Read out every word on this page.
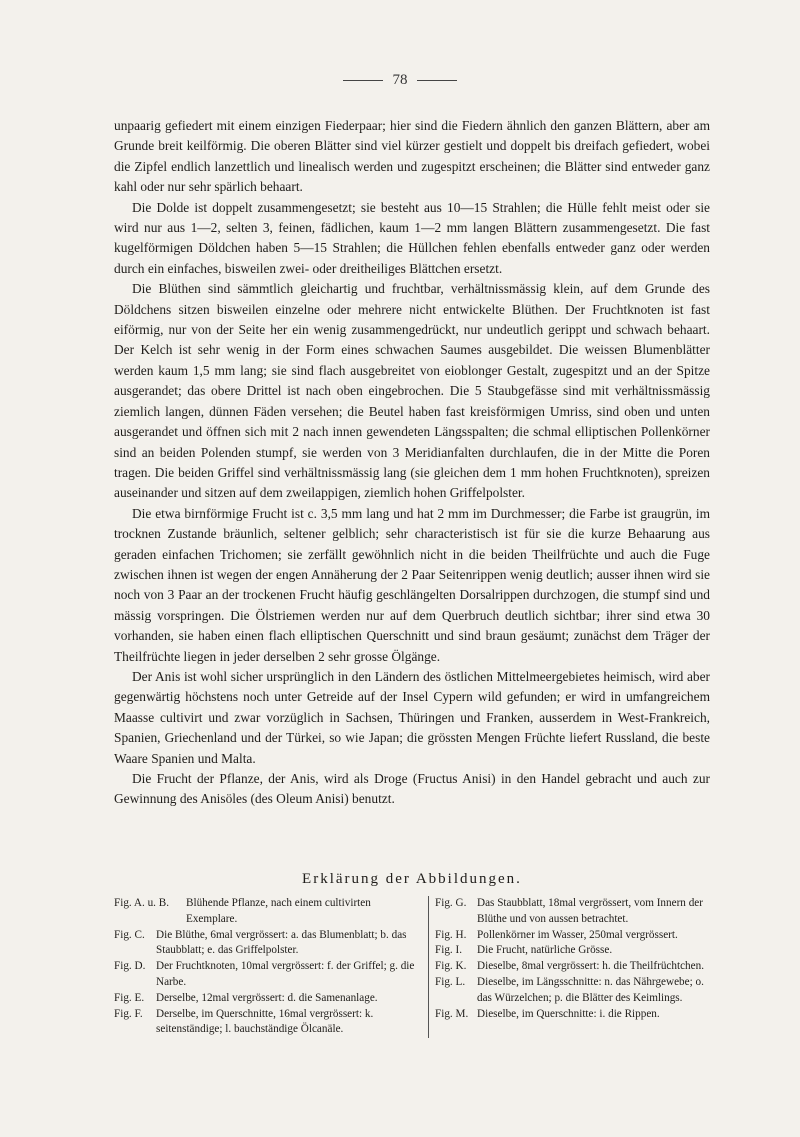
78

unpaarig gefiedert mit einem einzigen Fiederpaar; hier sind die Fiedern ähnlich den ganzen Blättern, aber am Grunde breit keilförmig. Die oberen Blätter sind viel kürzer gestielt und doppelt bis dreifach gefiedert, wobei die Zipfel endlich lanzettlich und linealisch werden und zugespitzt erscheinen; die Blätter sind entweder ganz kahl oder nur sehr spärlich behaart.

Die Dolde ist doppelt zusammengesetzt; sie besteht aus 10—15 Strahlen; die Hülle fehlt meist oder sie wird nur aus 1—2, selten 3, feinen, fädlichen, kaum 1—2 mm langen Blättern zusammengesetzt. Die fast kugelförmigen Döldchen haben 5—15 Strahlen; die Hüllchen fehlen ebenfalls entweder ganz oder werden durch ein einfaches, bisweilen zwei- oder dreitheiliges Blättchen ersetzt.

Die Blüthen sind sämmtlich gleichartig und fruchtbar, verhältnissmässig klein, auf dem Grunde des Döldchens sitzen bisweilen einzelne oder mehrere nicht entwickelte Blüthen. Der Fruchtknoten ist fast eiförmig, nur von der Seite her ein wenig zusammengedrückt, nur undeutlich gerippt und schwach behaart. Der Kelch ist sehr wenig in der Form eines schwachen Saumes ausgebildet. Die weissen Blumenblätter werden kaum 1,5 mm lang; sie sind flach ausgebreitet von eioblonger Gestalt, zugespitzt und an der Spitze ausgerandet; das obere Drittel ist nach oben eingebrochen. Die 5 Staubgefässe sind mit verhältnissmässig ziemlich langen, dünnen Fäden versehen; die Beutel haben fast kreisförmigen Umriss, sind oben und unten ausgerandet und öffnen sich mit 2 nach innen gewendeten Längsspalten; die schmal elliptischen Pollenkörner sind an beiden Polenden stumpf, sie werden von 3 Meridianfalten durchlaufen, die in der Mitte die Poren tragen. Die beiden Griffel sind verhältnissmässig lang (sie gleichen dem 1 mm hohen Fruchtknoten), spreizen auseinander und sitzen auf dem zweilappigen, ziemlich hohen Griffelpolster.

Die etwa birnförmige Frucht ist c. 3,5 mm lang und hat 2 mm im Durchmesser; die Farbe ist graugrün, im trocknen Zustande bräunlich, seltener gelblich; sehr characteristisch ist für sie die kurze Behaarung aus geraden einfachen Trichomen; sie zerfällt gewöhnlich nicht in die beiden Theilfrüchte und auch die Fuge zwischen ihnen ist wegen der engen Annäherung der 2 Paar Seitenrippen wenig deutlich; ausser ihnen wird sie noch von 3 Paar an der trockenen Frucht häufig geschlängelten Dorsalrippen durchzogen, die stumpf sind und mässig vorspringen. Die Ölstriemen werden nur auf dem Querbruch deutlich sichtbar; ihrer sind etwa 30 vorhanden, sie haben einen flach elliptischen Querschnitt und sind braun gesäumt; zunächst dem Träger der Theilfrüchte liegen in jeder derselben 2 sehr grosse Ölgänge.

Der Anis ist wohl sicher ursprünglich in den Ländern des östlichen Mittelmeergebietes heimisch, wird aber gegenwärtig höchstens noch unter Getreide auf der Insel Cypern wild gefunden; er wird in umfangreichem Maasse cultivirt und zwar vorzüglich in Sachsen, Thüringen und Franken, ausserdem in West-Frankreich, Spanien, Griechenland und der Türkei, so wie Japan; die grössten Mengen Früchte liefert Russland, die beste Waare Spanien und Malta.

Die Frucht der Pflanze, der Anis, wird als Droge (Fructus Anisi) in den Handel gebracht und auch zur Gewinnung des Anisöles (des Oleum Anisi) benutzt.

Erklärung der Abbildungen.
Fig. A. u. B.	Blühende Pflanze, nach einem cultivirten Exemplare.
Fig. C.	Die Blüthe, 6mal vergrössert: a. das Blumenblatt; b. das Staubblatt; e. das Griffelpolster.
Fig. D. Der Fruchtknoten, 10mal vergrössert: f. der Griffel; g. die Narbe.
Fig. E.	Derselbe, 12mal vergrössert: d. die Samenanlage.
Fig. F.	Derselbe, im Querschnitte, 16mal vergrössert: k. seitenständige; l. bauchständige Ölcanäle.
Fig. G. Das Staubblatt, 18mal vergrössert, vom Innern der Blüthe und von aussen betrachtet.
Fig. H. Pollenkörner im Wasser, 250mal vergrössert.
Fig. I.	Die Frucht, natürliche Grösse.
Fig. K. Dieselbe, 8mal vergrössert: h. die Theilfrüchtchen.
Fig. L.	Dieselbe, im Längsschnitte: n. das Nährgewebe; o. das Würzelchen; p. die Blätter des Keimlings.
Fig. M. Dieselbe, im Querschnitte: i. die Rippen.
